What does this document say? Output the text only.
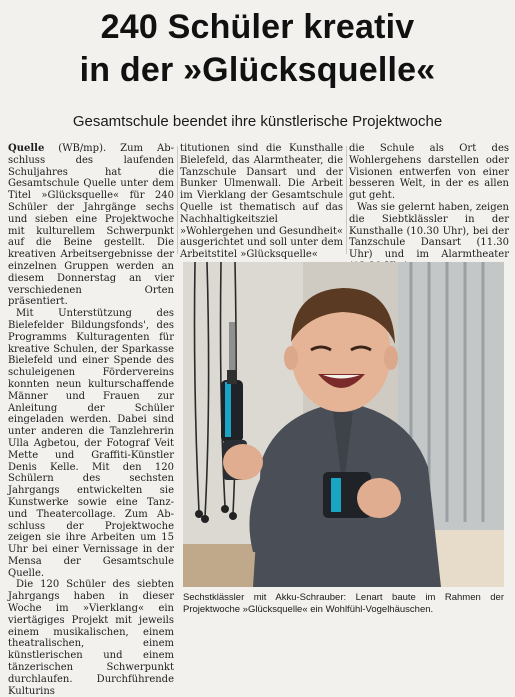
240 Schüler kreativ
in der »Glücksquelle«
Gesamtschule beendet ihre künstlerische Projektwoche

Quelle (WB/mp). Zum Abschluss des laufenden Schuljahres hat die Gesamtschule Quelle unter dem Titel »Glücksquelle« für 240 Schüler der Jahrgänge sechs und sieben eine Projektwoche mit kulturellem Schwerpunkt auf die Beine gestellt. Die kreativen Arbeitsergebnisse der einzelnen Gruppen werden an diesem Donnerstag an vier verschiedenen Orten präsentiert.

Mit Unterstützung des Bielefelder Bildungsfonds', des Programms Kulturagenten für kreative Schulen, der Sparkasse Bielefeld und einer Spende des schuleigenen Fördervereins konnten neun kulturschaffende Männer und Frauen zur Anleitung der Schüler eingeladen werden. Dabei sind unter anderen die Tanzlehrerin Ulla Agbetou, der Fotograf Veit Mette und Graffiti-Künstler Denis Kelle. Mit den 120 Schülern des sechsten Jahrgangs entwickelten sie Kunstwerke sowie eine Tanz- und Theatercollage. Zum Abschluss der Projektwoche zeigen sie ihre Arbeiten um 15 Uhr bei einer Vernissage in der Mensa der Gesamtschule Quelle.

Die 120 Schüler des siebten Jahrgangs haben in dieser Woche im »Vierklang« ein viertägiges Projekt mit jeweils einem musikalischen, einem theatralischen, einem künstlerischen und einem tänzerischen Schwerpunkt durchlaufen. Durchführende Kulturins

titutionen sind die Kunsthalle Bielefeld, das Alarmtheater, die Tanzschule Dansart und der Bunker Ulmenwall. Die Arbeit im Vierklang der Gesamtschule Quelle ist thematisch auf das Nachhaltigkeitsziel »Wohlergehen und Gesundheit« ausgerichtet und soll unter dem Arbeitstitel »Glücksquelle«

die Schule als Ort des Wohlergehens darstellen oder Visionen entwerfen von einer besseren Welt, in der es allen gut geht.

Was sie gelernt haben, zeigen die Siebtklässler in der Kunsthalle (10.30 Uhr), bei der Tanzschule Dansart (11.30 Uhr) und im Alarmtheater

Sechstklässler mit Akku-Schrauber: Lenart baute im Rahmen der Projektwoche »Glücksquelle« ein Wohlfühl-Vogelhäuschen.
